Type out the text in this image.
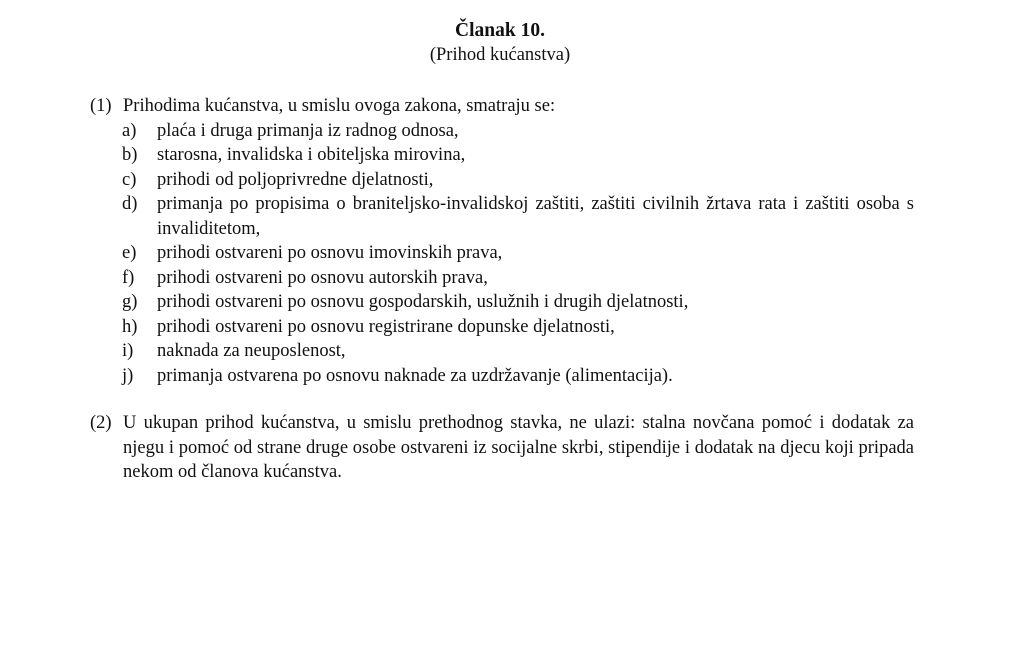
Članak 10.
(Prihod kućanstva)
(1) Prihodima kućanstva, u smislu ovoga zakona, smatraju se:
a)	plaća i druga primanja iz radnog odnosa,
b)	starosna, invalidska i obiteljska mirovina,
c)	prihodi od poljoprivredne djelatnosti,
d)	primanja po propisima o braniteljsko-invalidskoj zaštiti, zaštiti civilnih žrtava rata i zaštiti osoba s invaliditetom,
e)	prihodi ostvareni po osnovu imovinskih prava,
f)	prihodi ostvareni po osnovu autorskih prava,
g)	prihodi ostvareni po osnovu gospodarskih, uslužnih i drugih djelatnosti,
h)	prihodi ostvareni po osnovu registrirane dopunske djelatnosti,
i)	naknada za neuposlenost,
j)	primanja ostvarena po osnovu naknade za uzdržavanje (alimentacija).
(2) U ukupan prihod kućanstva, u smislu prethodnog stavka, ne ulazi: stalna novčana pomoć i dodatak za njegu i pomoć od strane druge osobe ostvareni iz socijalne skrbi, stipendije i dodatak na djecu koji pripada nekom od članova kućanstva.
